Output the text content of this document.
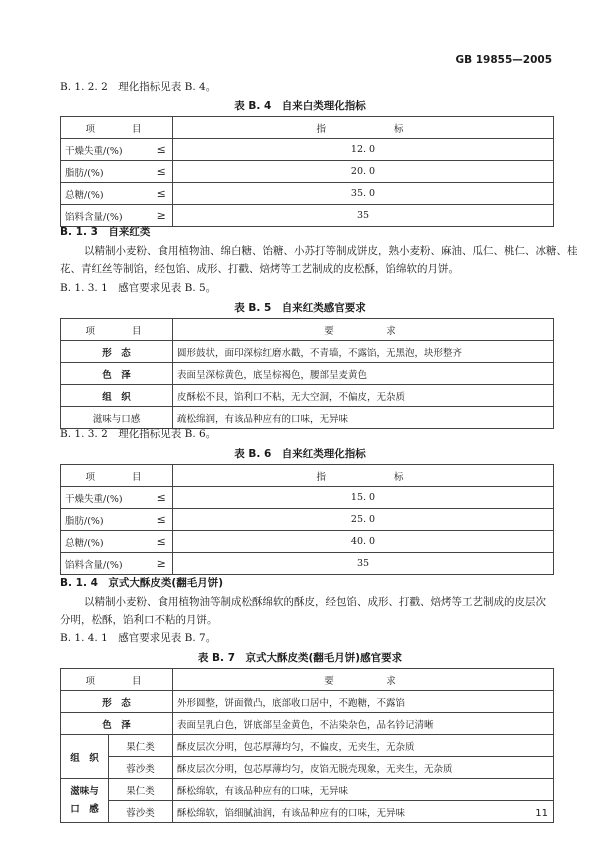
GB 19855—2005
B. 1. 2. 2　理化指标见表 B. 4。
表 B. 4　自来白类理化指标
项　　目		指　　　　标
干燥失重/(%)	≤	12. 0
脂肪/(%)	≤	20. 0
总糖/(%)	≤	35. 0
馅料含量/(%)	≥	35
B. 1. 3　自来红类
以精制小麦粉、食用植物油、绵白糖、饴糖、小苏打等制成饼皮，熟小麦粉、麻油、瓜仁、桃仁、冰糖、桂
花、青红丝等制馅，经包馅、成形、打戳、焙烤等工艺制成的皮松酥，馅绵软的月饼。
B. 1. 3. 1　感官要求见表 B. 5。
表 B. 5　自来红类感官要求
项　　目	要　　　求
形　态	圆形鼓状，面印深棕红磨水戳，不青墙，不露馅，无黑泡，块形整齐
色　泽	表面呈深棕黄色，底呈棕褐色，腰部呈麦黄色
组　织	皮酥松不艮，馅利口不粘，无大空洞，不偏皮，无杂质
滋味与口感	疏松绵润，有该品种应有的口味，无异味
B. 1. 3. 2　理化指标见表 B. 6。
表 B. 6　自来红类理化指标
项　　目		指　　　　标
干燥失重/(%)	≤	15. 0
脂肪/(%)	≤	25. 0
总糖/(%)	≤	40. 0
馅料含量/(%)	≥	35
B. 1. 4　京式大酥皮类(翻毛月饼)
以精制小麦粉、食用植物油等制成松酥绵软的酥皮，经包馅、成形、打戳、焙烤等工艺制成的皮层次
分明，松酥，馅利口不粘的月饼。
B. 1. 4. 1　感官要求见表 B. 7。
表 B. 7　京式大酥皮类(翻毛月饼)感官要求
项　　目		要　　　求
形　态		外形圆整，饼面微凸，底部收口居中，不跑糖，不露馅
色　泽		表面呈乳白色，饼底部呈金黄色，不沾染杂色，品名钤记清晰
组　织	果仁类	酥皮层次分明，包芯厚薄均匀，不偏皮，无夹生，无杂质
	蓉沙类	酥皮层次分明，包芯厚薄均匀，皮馅无脱壳现象，无夹生，无杂质
滋味与
口　感	果仁类	酥松绵软，有该品种应有的口味，无异味
	蓉沙类	酥松绵软，馅细腻油润，有该品种应有的口味，无异味	11
